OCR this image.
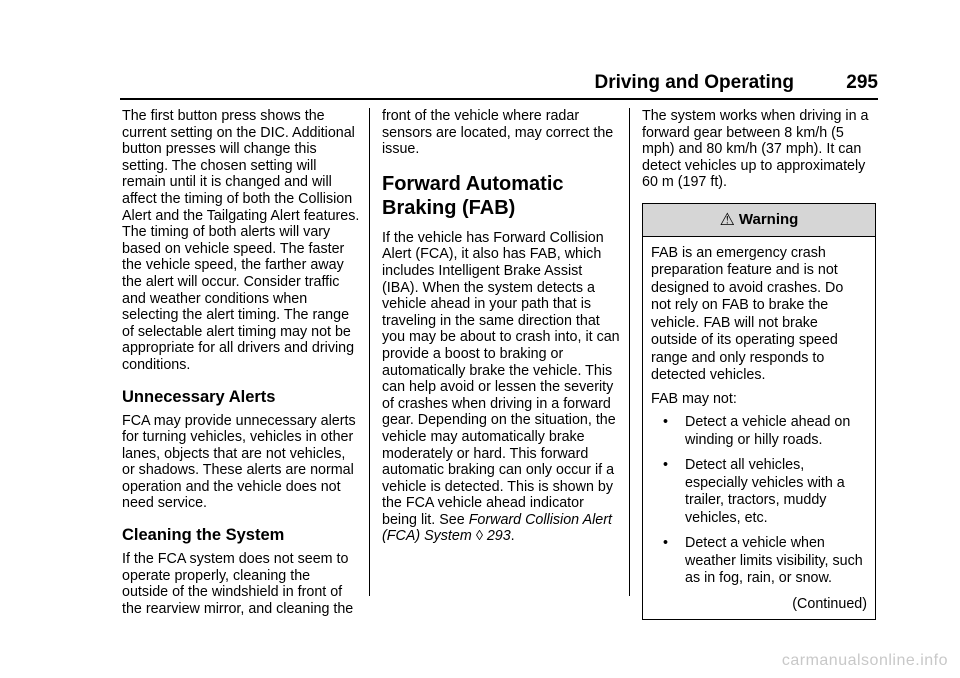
Driving and Operating	295

The first button press shows the current setting on the DIC. Additional button presses will change this setting. The chosen setting will remain until it is changed and will affect the timing of both the Collision Alert and the Tailgating Alert features. The timing of both alerts will vary based on vehicle speed. The faster the vehicle speed, the farther away the alert will occur. Consider traffic and weather conditions when selecting the alert timing. The range of selectable alert timing may not be appropriate for all drivers and driving conditions.

Unnecessary Alerts

FCA may provide unnecessary alerts for turning vehicles, vehicles in other lanes, objects that are not vehicles, or shadows. These alerts are normal operation and the vehicle does not need service.

Cleaning the System

If the FCA system does not seem to operate properly, cleaning the outside of the windshield in front of the rearview mirror, and cleaning the

front of the vehicle where radar sensors are located, may correct the issue.

Forward Automatic Braking (FAB)

If the vehicle has Forward Collision Alert (FCA), it also has FAB, which includes Intelligent Brake Assist (IBA). When the system detects a vehicle ahead in your path that is traveling in the same direction that you may be about to crash into, it can provide a boost to braking or automatically brake the vehicle. This can help avoid or lessen the severity of crashes when driving in a forward gear. Depending on the situation, the vehicle may automatically brake moderately or hard. This forward automatic braking can only occur if a vehicle is detected. This is shown by the FCA vehicle ahead indicator being lit. See Forward Collision Alert (FCA) System ◊ 293.

The system works when driving in a forward gear between 8 km/h (5 mph) and 80 km/h (37 mph). It can detect vehicles up to approximately 60 m (197 ft).

⚠ Warning

FAB is an emergency crash preparation feature and is not designed to avoid crashes. Do not rely on FAB to brake the vehicle. FAB will not brake outside of its operating speed range and only responds to detected vehicles.

FAB may not:

• Detect a vehicle ahead on winding or hilly roads.
• Detect all vehicles, especially vehicles with a trailer, tractors, muddy vehicles, etc.
• Detect a vehicle when weather limits visibility, such as in fog, rain, or snow.
(Continued)
carmanualsonline.info
